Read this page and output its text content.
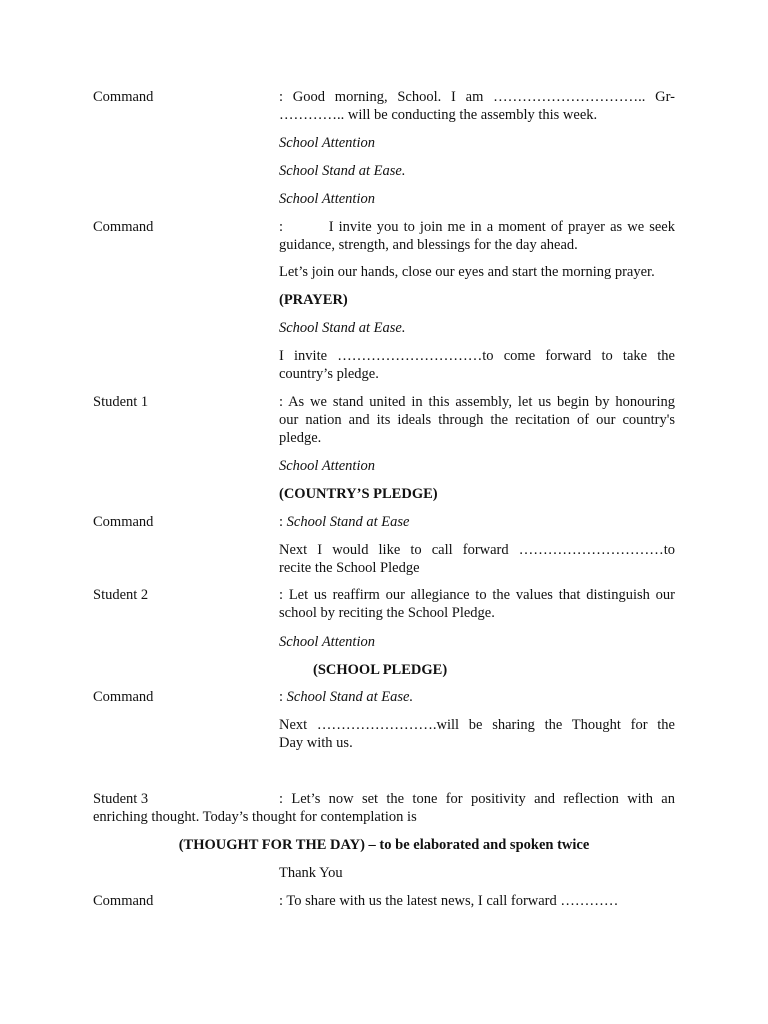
Command	: Good morning, School. I am ………………………….. Gr-
………….. will be conducting the assembly this week.
School Attention
School Stand at Ease.
School Attention
Command	:         I invite you to join me in a moment of prayer as we seek
guidance, strength, and blessings for the day ahead.
Let’s join our hands, close our eyes and start the morning prayer.
(PRAYER)
School Stand at Ease.
I invite …………………………to come forward to take the
country’s pledge.
Student 1	: As we stand united in this assembly, let us begin by honouring
our nation and its ideals through the recitation of our country's
pledge.
School Attention
(COUNTRY’S PLEDGE)
Command	: School Stand at Ease
Next I would like to call forward …………………………to
recite the School Pledge
Student 2	: Let us reaffirm our allegiance to the values that distinguish our
school by reciting the School Pledge.
School Attention
(SCHOOL PLEDGE)
Command	: School Stand at Ease.
Next …………………….will be sharing the Thought for the
Day with us.
Student 3	: Let’s now set the tone for positivity and reflection with an
enriching thought. Today’s thought for contemplation is
(THOUGHT FOR THE DAY) – to be elaborated and spoken twice
Thank You
Command	: To share with us the latest news, I call forward …………
